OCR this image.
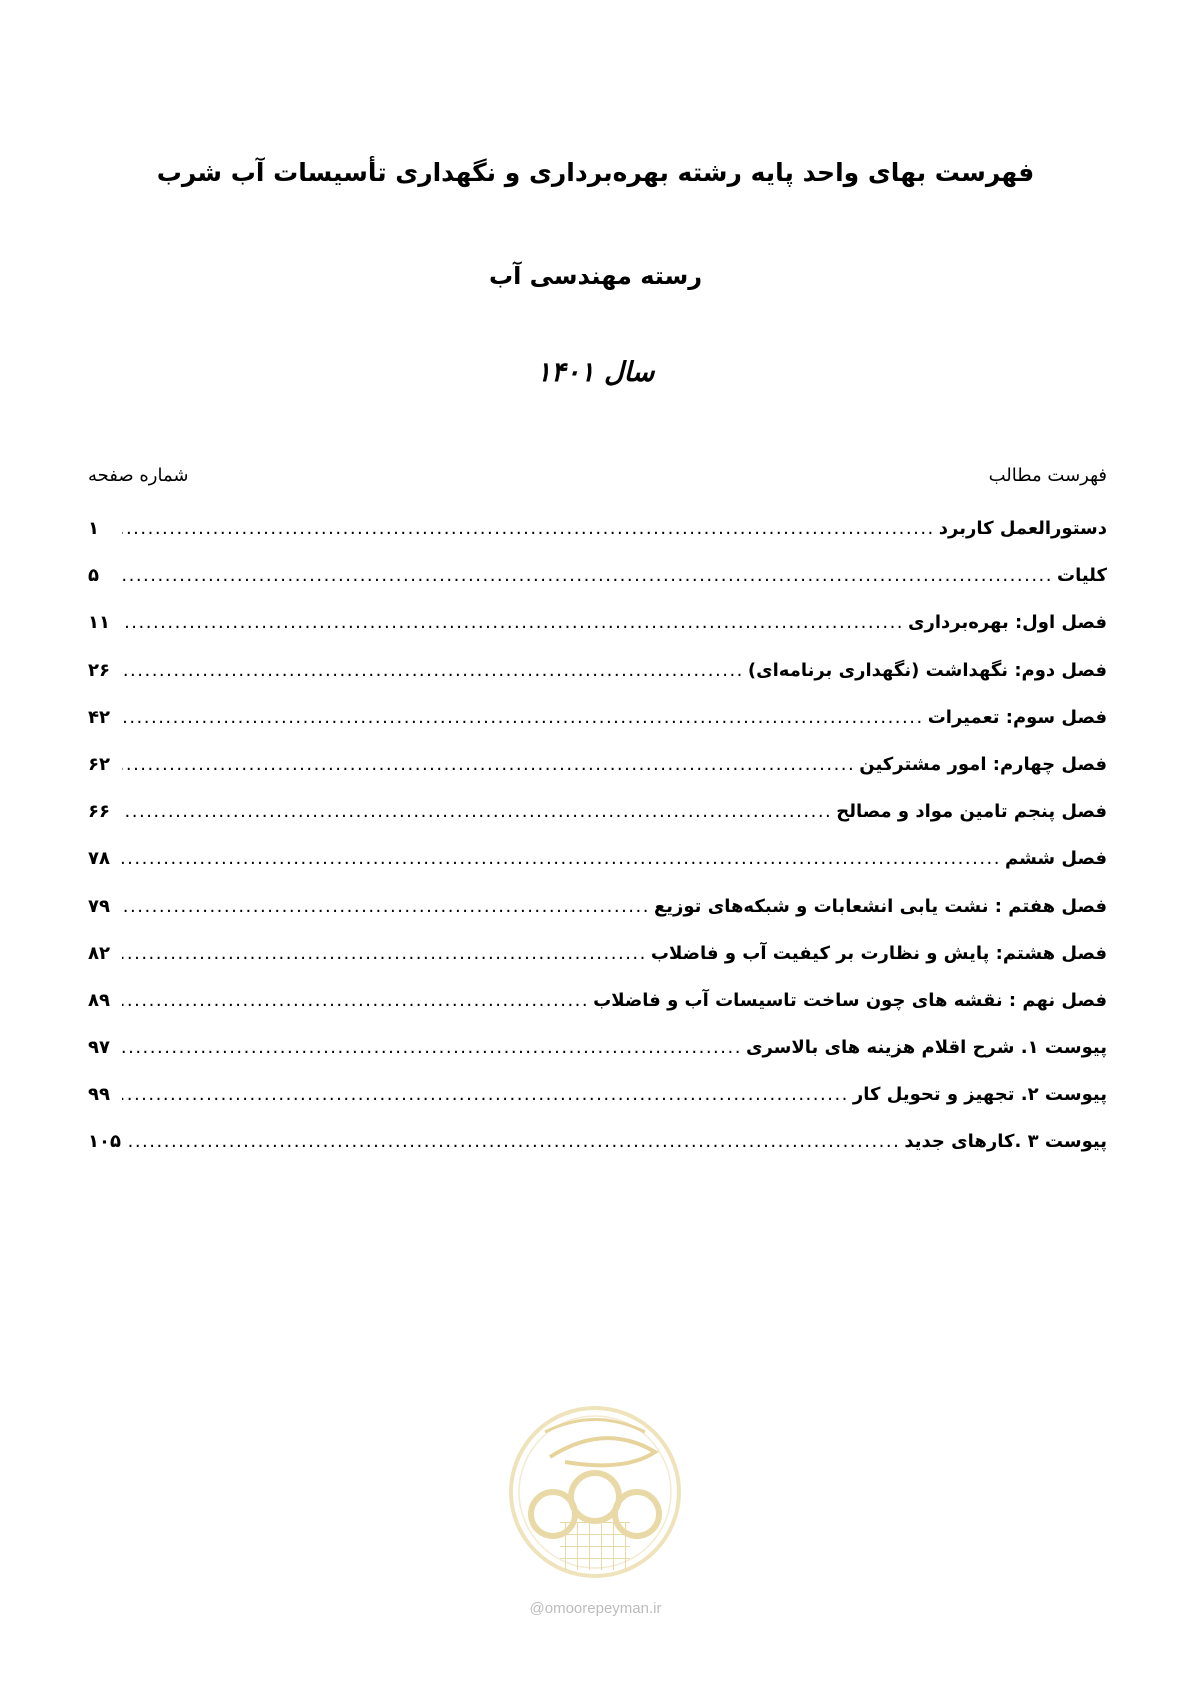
فهرست بهای واحد پایه رشته بهره‌برداری و نگهداری تأسیسات آب شرب
رسته مهندسی آب
سال ۱۴۰۱
فهرست مطالب
شماره صفحه
دستورالعمل کاربرد
.....
۱
کلیات
.....
۵
فصل اول: بهره‌برداری
.....
۱۱
فصل دوم: نگهداشت (نگهداری برنامه‌ای)
.....
۲۶
فصل سوم: تعمیرات
.....
۴۲
فصل چهارم: امور مشترکین
.....
۶۲
فصل پنجم تامین مواد و مصالح
.....
۶۶
فصل ششم
.....
۷۸
فصل هفتم : نشت یابی انشعابات و شبکه‌های توزیع
.....
۷۹
فصل هشتم: پایش و نظارت بر کیفیت آب و فاضلاب
.....
۸۲
فصل نهم : نقشه های چون ساخت تاسیسات آب و فاضلاب
.....
۸۹
پیوست ۱. شرح اقلام هزینه های بالاسری
.....
۹۷
پیوست ۲. تجهیز و تحویل کار
.....
۹۹
پیوست ۳ .کارهای جدید
.....
۱۰۵
@omoorepeyman.ir
